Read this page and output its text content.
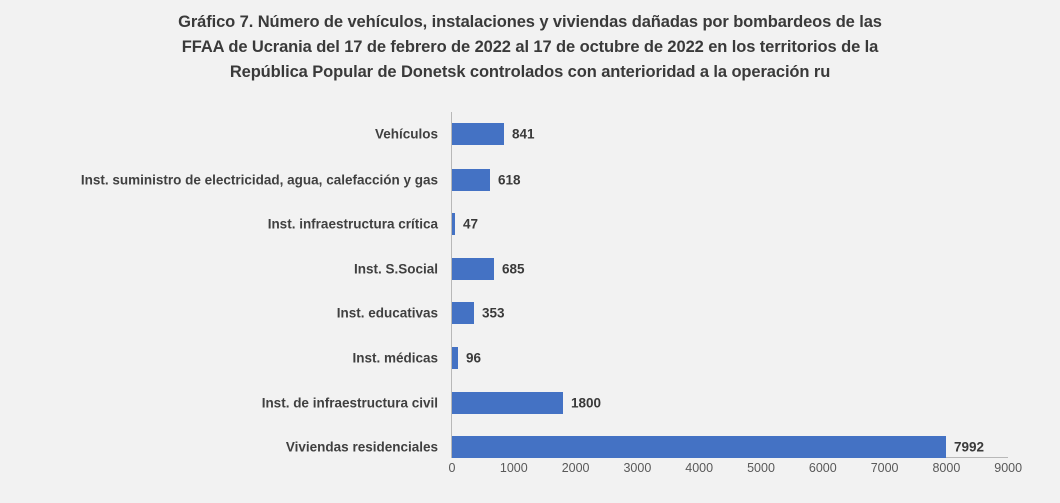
Gráfico 7. Número de vehículos, instalaciones y viviendas dañadas por bombardeos de las
FFAA de Ucrania del 17 de febrero de 2022 al 17 de octubre de 2022 en los territorios de la
República Popular de Donetsk controlados con anterioridad a la operación ru
Vehículos
Inst. suministro de electricidad, agua, calefacción y gas
Inst. infraestructura crítica
Inst. S.Social
Inst. educativas
Inst. médicas
Inst. de infraestructura civil
Viviendas residenciales
841
618
47
685
353
96
1800
7992
0	1000	2000	3000	4000	5000	6000	7000	8000	9000
